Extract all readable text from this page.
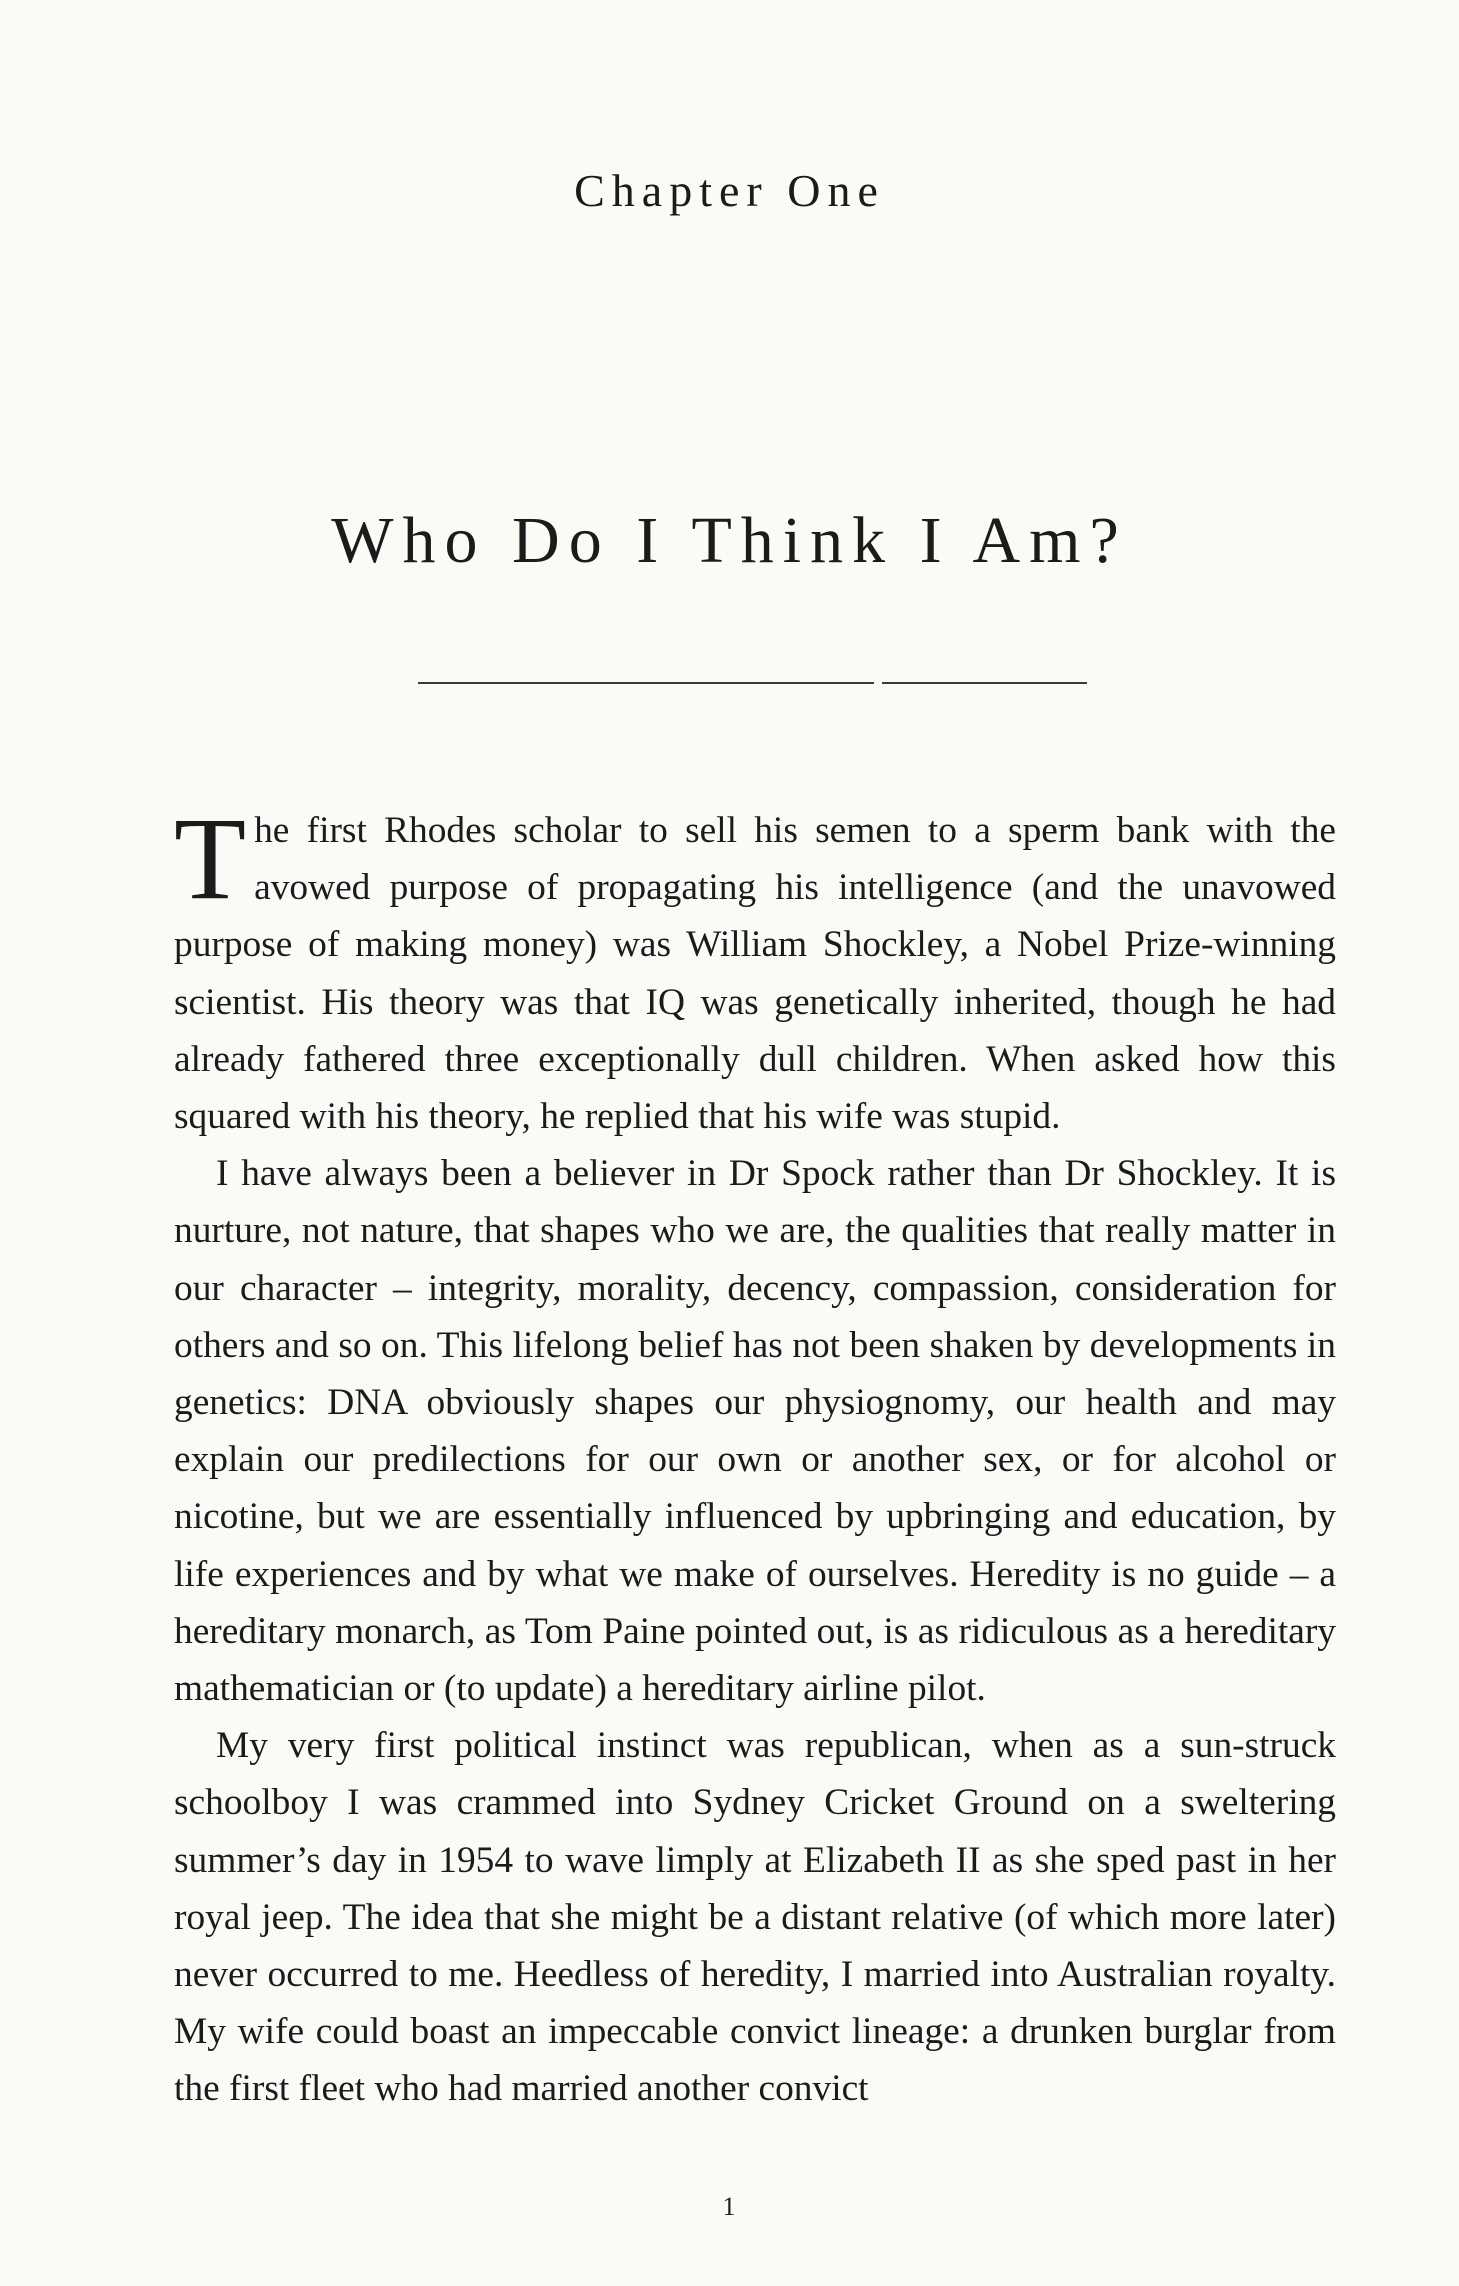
Chapter One
Who Do I Think I Am?

The first Rhodes scholar to sell his semen to a sperm bank with the avowed purpose of propagating his intelligence (and the unavowed purpose of making money) was William Shockley, a Nobel Prize-winning scientist. His theory was that IQ was genetically inherited, though he had already fathered three exceptionally dull children. When asked how this squared with his theory, he replied that his wife was stupid.

I have always been a believer in Dr Spock rather than Dr Shockley. It is nurture, not nature, that shapes who we are, the qualities that really matter in our character – integrity, morality, decency, compassion, consideration for others and so on. This lifelong belief has not been shaken by developments in genetics: DNA obviously shapes our physiognomy, our health and may explain our predilections for our own or another sex, or for alcohol or nicotine, but we are essentially influenced by upbringing and education, by life experiences and by what we make of ourselves. Heredity is no guide – a hereditary monarch, as Tom Paine pointed out, is as ridiculous as a hereditary mathematician or (to update) a hereditary airline pilot.

My very first political instinct was republican, when as a sun-struck schoolboy I was crammed into Sydney Cricket Ground on a sweltering summer’s day in 1954 to wave limply at Elizabeth II as she sped past in her royal jeep. The idea that she might be a distant relative (of which more later) never occurred to me. Heedless of heredity, I married into Australian royalty. My wife could boast an impeccable convict lineage: a drunken burglar from the first fleet who had married another convict

1
